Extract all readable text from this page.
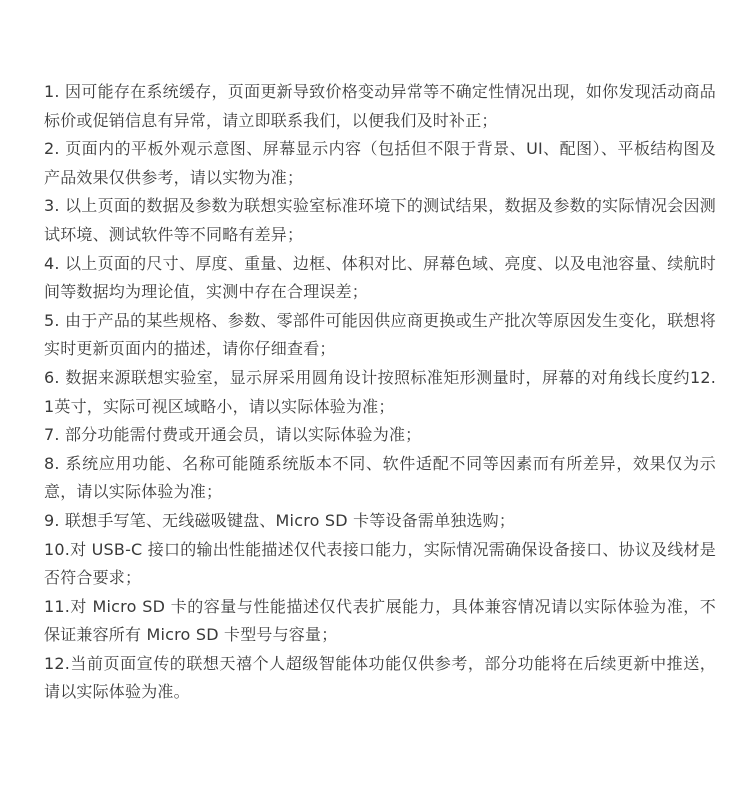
1. 因可能存在系统缓存，页面更新导致价格变动异常等不确定性情况出现，如你发现活动商品标价或促销信息有异常，请立即联系我们，以便我们及时补正；
2. 页面内的平板外观示意图、屏幕显示内容（包括但不限于背景、UI、配图）、平板结构图及产品效果仅供参考，请以实物为准；
3. 以上页面的数据及参数为联想实验室标准环境下的测试结果，数据及参数的实际情况会因测试环境、测试软件等不同略有差异；
4. 以上页面的尺寸、厚度、重量、边框、体积对比、屏幕色域、亮度、以及电池容量、续航时间等数据均为理论值，实测中存在合理误差；
5. 由于产品的某些规格、参数、零部件可能因供应商更换或生产批次等原因发生变化，联想将实时更新页面内的描述，请你仔细查看；
6. 数据来源联想实验室，显示屏采用圆角设计按照标准矩形测量时，屏幕的对角线长度约12.1英寸，实际可视区域略小，请以实际体验为准；
7. 部分功能需付费或开通会员，请以实际体验为准；
8. 系统应用功能、名称可能随系统版本不同、软件适配不同等因素而有所差异，效果仅为示意，请以实际体验为准；
9. 联想手写笔、无线磁吸键盘、Micro SD 卡等设备需单独选购；
10.对 USB-C 接口的输出性能描述仅代表接口能力，实际情况需确保设备接口、协议及线材是否符合要求；
11.对 Micro SD 卡的容量与性能描述仅代表扩展能力，具体兼容情况请以实际体验为准，不保证兼容所有 Micro SD 卡型号与容量；
12.当前页面宣传的联想天禧个人超级智能体功能仅供参考，部分功能将在后续更新中推送，请以实际体验为准。
